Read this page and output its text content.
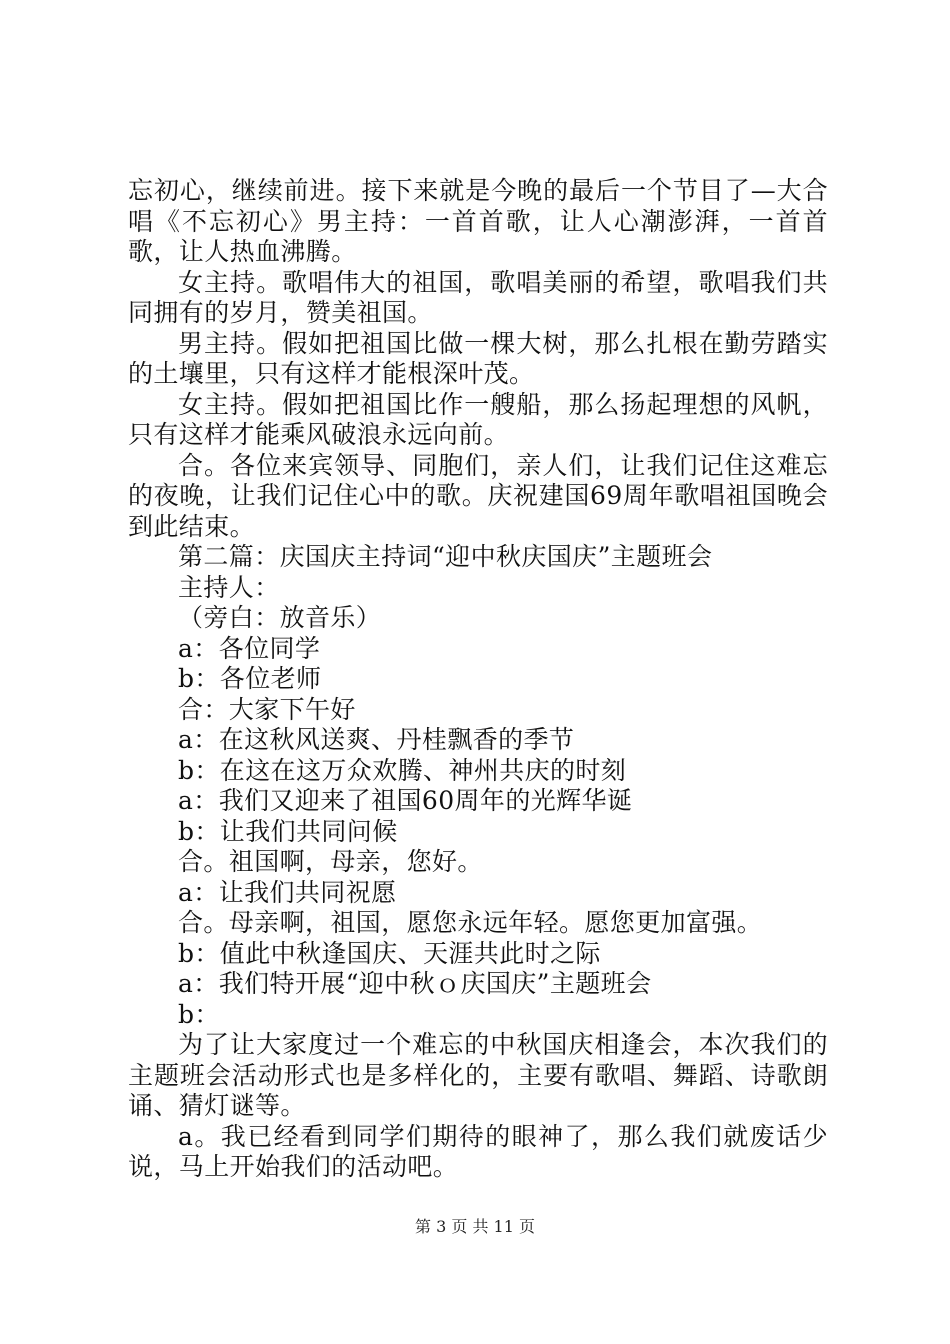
忘初心，继续前进。接下来就是今晚的最后一个节目了—大合唱《不忘初心》男主持：一首首歌，让人心潮澎湃，一首首歌，让人热血沸腾。

女主持。歌唱伟大的祖国，歌唱美丽的希望，歌唱我们共同拥有的岁月，赞美祖国。

男主持。假如把祖国比做一棵大树，那么扎根在勤劳踏实的土壤里，只有这样才能根深叶茂。

女主持。假如把祖国比作一艘船，那么扬起理想的风帆，只有这样才能乘风破浪永远向前。

合。各位来宾领导、同胞们，亲人们，让我们记住这难忘的夜晚，让我们记住心中的歌。庆祝建国69周年歌唱祖国晚会到此结束。

第二篇：庆国庆主持词“迎中秋庆国庆”主题班会

主持人：

（旁白：放音乐）

a：各位同学

b：各位老师

合：大家下午好

a：在这秋风送爽、丹桂飘香的季节

b：在这在这万众欢腾、神州共庆的时刻

a：我们又迎来了祖国60周年的光辉华诞

b：让我们共同问候

合。祖国啊，母亲，您好。

a：让我们共同祝愿

合。母亲啊，祖国，愿您永远年轻。愿您更加富强。

b：值此中秋逢国庆、天涯共此时之际

a：我们特开展“迎中秋ｏ庆国庆”主题班会

b：

为了让大家度过一个难忘的中秋国庆相逢会，本次我们的主题班会活动形式也是多样化的，主要有歌唱、舞蹈、诗歌朗诵、猜灯谜等。

a。我已经看到同学们期待的眼神了，那么我们就废话少说，马上开始我们的活动吧。

第 3 页 共 11 页
